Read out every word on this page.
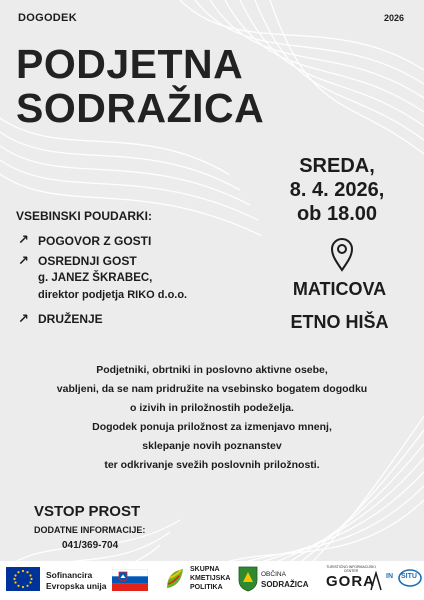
DOGODEK	2026
PODJETNA
SODRAŽICA
SREDA,
8. 4. 2026,
ob 18.00
MATICOVA
ETNO HIŠA
VSEBINSKI POUDARKI:
↗ POGOVOR Z GOSTI
↗ OSREDNJI GOST
g. JANEZ ŠKRABEC,
direktor podjetja RIKO d.o.o.
↗ DRUŽENJE
Podjetniki, obrtniki in poslovno aktivne osebe,
vabljeni, da se nam pridružite na vsebinsko bogatem dogodku
o izivih in priložnostih podeželja.
Dogodek ponuja priložnost za izmenjavo mnenj,
sklepanje novih poznanstev
ter odkrivanje svežih poslovnih priložnosti.
VSTOP PROST
DODATNE INFORMACIJE:
041/369-704
Sofinancira
Evropska unija
SKUPNA
KMETIJSKA
POLITIKA
OBČINA
SODRAŽICA
TURISTIČNO INFORMACIJSKI CENTER
GORA IN SITU
